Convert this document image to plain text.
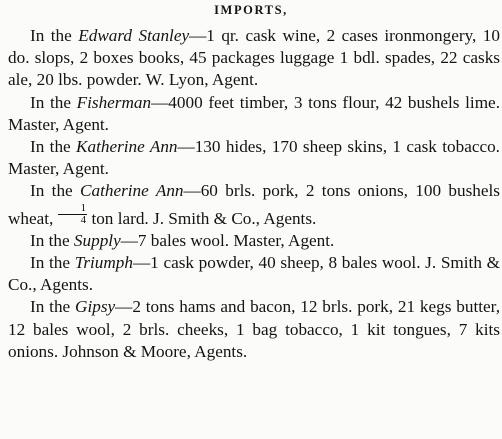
IMPORTS,

In the Edward Stanley—1 qr. cask wine, 2 cases ironmongery, 10 do. slops, 2 boxes books, 45 packages luggage 1 bdl. spades, 22 casks ale, 20 lbs. powder. W. Lyon, Agent.

In the Fisherman—4000 feet timber, 3 tons flour, 42 bushels lime. Master, Agent.

In the Katherine Ann—130 hides, 170 sheep skins, 1 cask tobacco. Master, Agent.

In the Catherine Ann—60 brls. pork, 2 tons onions, 100 bushels wheat, $\frac{1}{4}$ ton lard. J. Smith & Co., Agents.

In the Supply—7 bales wool. Master, Agent.

In the Triumph—1 cask powder, 40 sheep, 8 bales wool. J. Smith & Co., Agents.

In the Gipsy—2 tons hams and bacon, 12 brls. pork, 21 kegs butter, 12 bales wool, 2 brls. cheeks, 1 bag tobacco, 1 kit tongues, 7 kits onions. Johnson & Moore, Agents.
